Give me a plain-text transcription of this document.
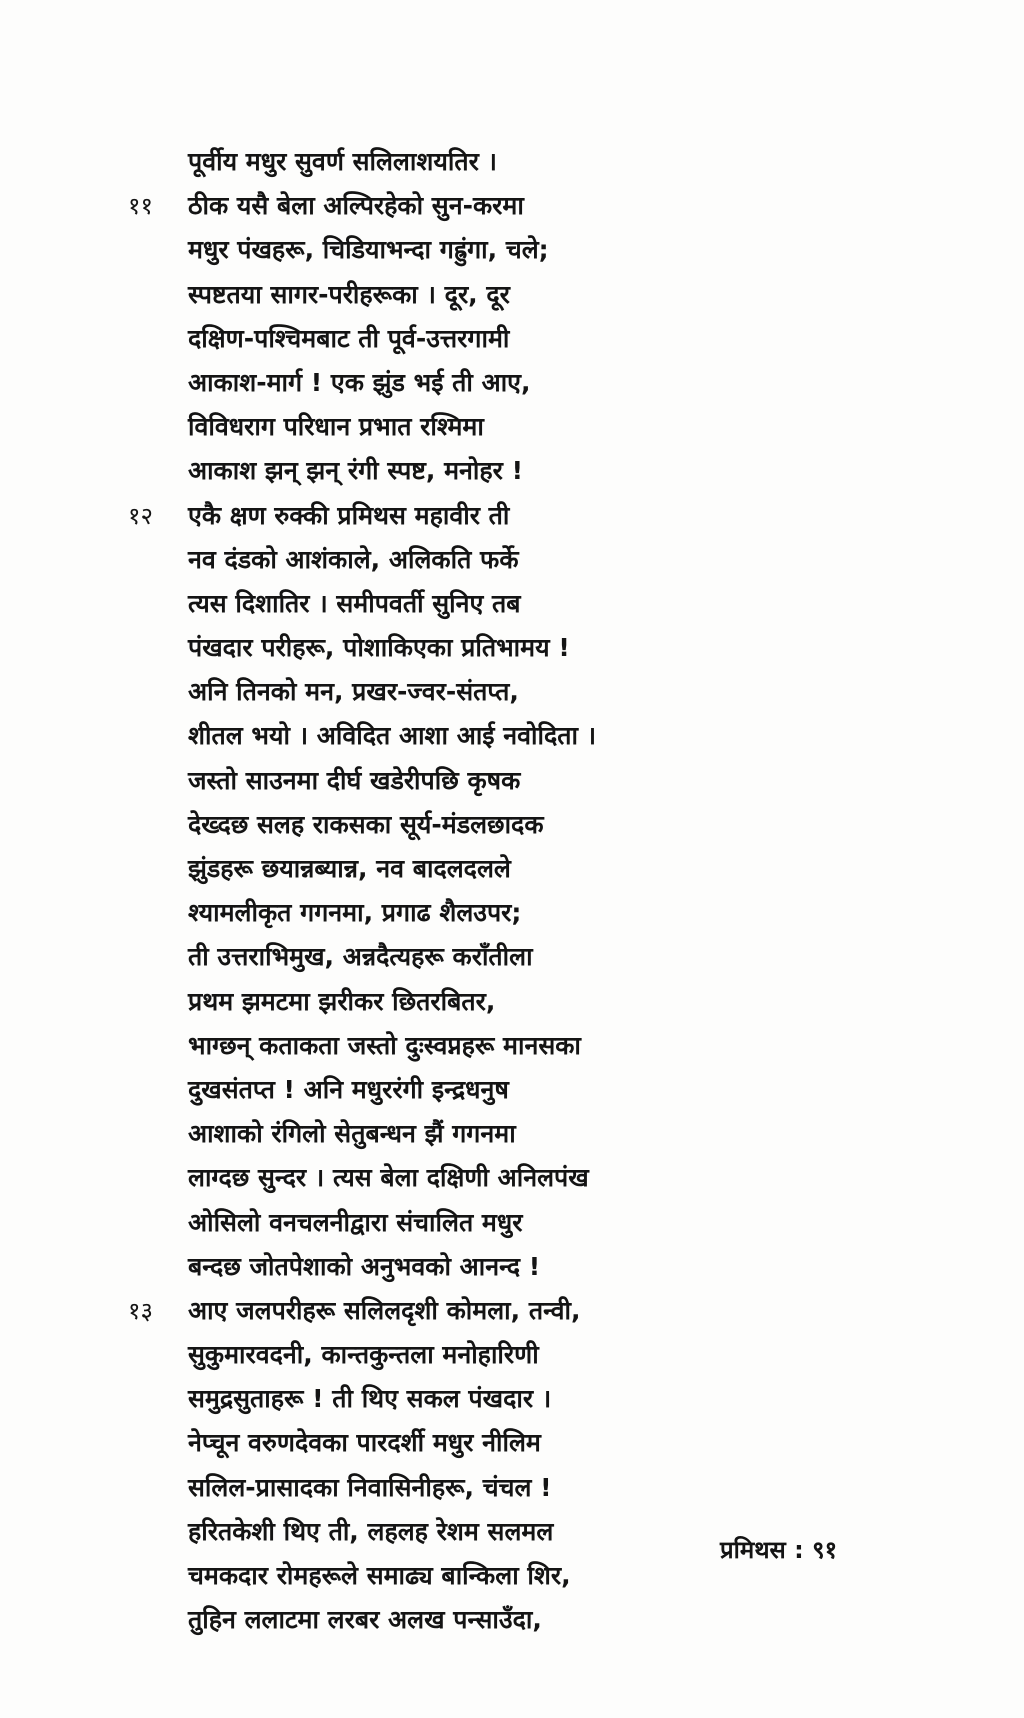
पूर्वीय मधुर सुवर्ण सलिलाशयतिर ।
११	ठीक यसै बेला अल्पिरहेको सुन-करमा
मधुर पंखहरू, चिडियाभन्दा गह्रुंगा, चले;
स्पष्टतया सागर-परीहरूका । दूर, दूर
दक्षिण-पश्चिमबाट ती पूर्व-उत्तरगामी
आकाश-मार्ग ! एक झुंड भई ती आए,
विविधराग परिधान प्रभात रश्मिमा
आकाश झन् झन् रंगी स्पष्ट, मनोहर !
१२	एकै क्षण रुक्की प्रमिथस महावीर ती
नव दंडको आशंकाले, अलिकति फर्के
त्यस दिशातिर । समीपवर्ती सुनिए तब
पंखदार परीहरू, पोशाकिएका प्रतिभामय !
अनि तिनको मन, प्रखर-ज्वर-संतप्त,
शीतल भयो । अविदित आशा आई नवोदिता ।
जस्तो साउनमा दीर्घ खडेरीपछि कृषक
देख्दछ सलह राकसका सूर्य-मंडलछादक
झुंडहरू छयान्नब्यान्न, नव बादलदलले
श्यामलीकृत गगनमा, प्रगाढ शैलउपर;
ती उत्तराभिमुख, अन्नदैत्यहरू कराँतीला
प्रथम झमटमा झरीकर छितरबितर,
भाग्छन् कताकता जस्तो दुःस्वप्नहरू मानसका
दुखसंतप्त ! अनि मधुररंगी इन्द्रधनुष
आशाको रंगिलो सेतुबन्धन झैं गगनमा
लाग्दछ सुन्दर । त्यस बेला दक्षिणी अनिलपंख
ओसिलो वनचलनीद्वारा संचालित मधुर
बन्दछ जोतपेशाको अनुभवको आनन्द !
१३	आए जलपरीहरू सलिलदृशी कोमला, तन्वी,
सुकुमारवदनी, कान्तकुन्तला मनोहारिणी
समुद्रसुताहरू ! ती थिए सकल पंखदार ।
नेप्चून वरुणदेवका पारदर्शी मधुर नीलिम
सलिल-प्रासादका निवासिनीहरू, चंचल !
हरितकेशी थिए ती, लहलह रेशम सलमल
चमकदार रोमहरूले समाढ्य बान्किला शिर,
तुहिन ललाटमा लरबर अलख पन्साउँदा,
प्रमिथस : ९१
